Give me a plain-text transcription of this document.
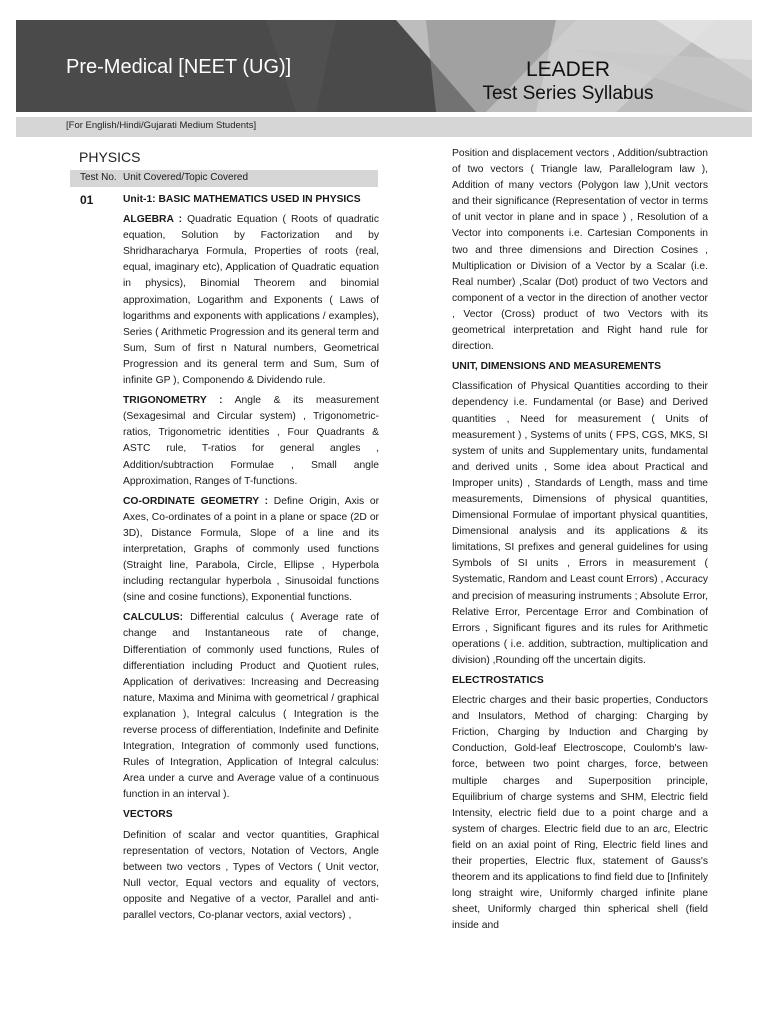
Pre-Medical [NEET (UG)]	LEADER
Test Series Syllabus
[For English/Hindi/Gujarati Medium Students]
PHYSICS
Test No. Unit Covered/Topic Covered
01	Unit-1: BASIC MATHEMATICS USED IN PHYSICS

ALGEBRA : Quadratic Equation ( Roots of quadratic equation, Solution by Factorization and by Shridharacharya Formula, Properties of roots (real, equal, imaginary etc), Application of Quadratic equation in physics), Binomial Theorem and binomial approximation, Logarithm and Exponents ( Laws of logarithms and exponents with applications / examples), Series ( Arithmetic Progression and its general term and Sum, Sum of first n Natural numbers, Geometrical Progression and its general term and Sum, Sum of infinite GP ), Componendo & Dividendo rule.

TRIGONOMETRY : Angle & its measurement (Sexagesimal and Circular system) , Trigonometric-ratios, Trigonometric identities , Four Quadrants & ASTC rule, T-ratios for general angles , Addition/subtraction Formulae , Small angle Approximation, Ranges of T-functions.

CO-ORDINATE GEOMETRY : Define Origin, Axis or Axes, Co-ordinates of a point in a plane or space (2D or 3D), Distance Formula, Slope of a line and its interpretation, Graphs of commonly used functions (Straight line, Parabola, Circle, Ellipse , Hyperbola including rectangular hyperbola , Sinusoidal functions (sine and cosine functions), Exponential functions.

CALCULUS: Differential calculus ( Average rate of change and Instantaneous rate of change, Differentiation of commonly used functions, Rules of differentiation including Product and Quotient rules, Application of derivatives: Increasing and Decreasing nature, Maxima and Minima with geometrical / graphical explanation ), Integral calculus ( Integration is the reverse process of differentiation, Indefinite and Definite Integration, Integration of commonly used functions, Rules of Integration, Application of Integral calculus: Area under a curve and Average value of a continuous function in an interval ).

VECTORS

Definition of scalar and vector quantities, Graphical representation of vectors, Notation of Vectors, Angle between two vectors , Types of Vectors ( Unit vector, Null vector, Equal vectors and equality of vectors, opposite and Negative of a vector, Parallel and anti-parallel vectors, Co-planar vectors, axial vectors) ,

Position and displacement vectors , Addition/subtraction of two vectors ( Triangle law, Parallelogram law ), Addition of many vectors (Polygon law ),Unit vectors and their significance (Representation of vector in terms of unit vector in plane and in space ) , Resolution of a Vector into components i.e. Cartesian Components in two and three dimensions and Direction Cosines , Multiplication or Division of a Vector by a Scalar (i.e. Real number) ,Scalar (Dot) product of two Vectors and component of a vector in the direction of another vector , Vector (Cross) product of two Vectors with its geometrical interpretation and Right hand rule for direction.

UNIT, DIMENSIONS AND MEASUREMENTS

Classification of Physical Quantities according to their dependency i.e. Fundamental (or Base) and Derived quantities , Need for measurement ( Units of measurement ) , Systems of units ( FPS, CGS, MKS, SI system of units and Supplementary units, fundamental and derived units , Some idea about Practical and Improper units) , Standards of Length, mass and time measurements, Dimensions of physical quantities, Dimensional Formulae of important physical quantities, Dimensional analysis and its applications & its limitations, SI prefixes and general guidelines for using Symbols of SI units , Errors in measurement ( Systematic, Random and Least count Errors) , Accuracy and precision of measuring instruments ; Absolute Error, Relative Error, Percentage Error and Combination of Errors , Significant figures and its rules for Arithmetic operations ( i.e. addition, subtraction, multiplication and division) ,Rounding off the uncertain digits.

ELECTROSTATICS

Electric charges and their basic properties, Conductors and Insulators, Method of charging: Charging by Friction, Charging by Induction and Charging by Conduction, Gold-leaf Electroscope, Coulomb's law-force, between two point charges, force, between multiple charges and Superposition principle, Equilibrium of charge systems and SHM, Electric field Intensity, electric field due to a point charge and a system of charges. Electric field due to an arc, Electric field on an axial point of Ring, Electric field lines and their properties, Electric flux, statement of Gauss's theorem and its applications to find field due to [Infinitely long straight wire, Uniformly charged infinite plane sheet, Uniformly charged thin spherical shell (field inside and
